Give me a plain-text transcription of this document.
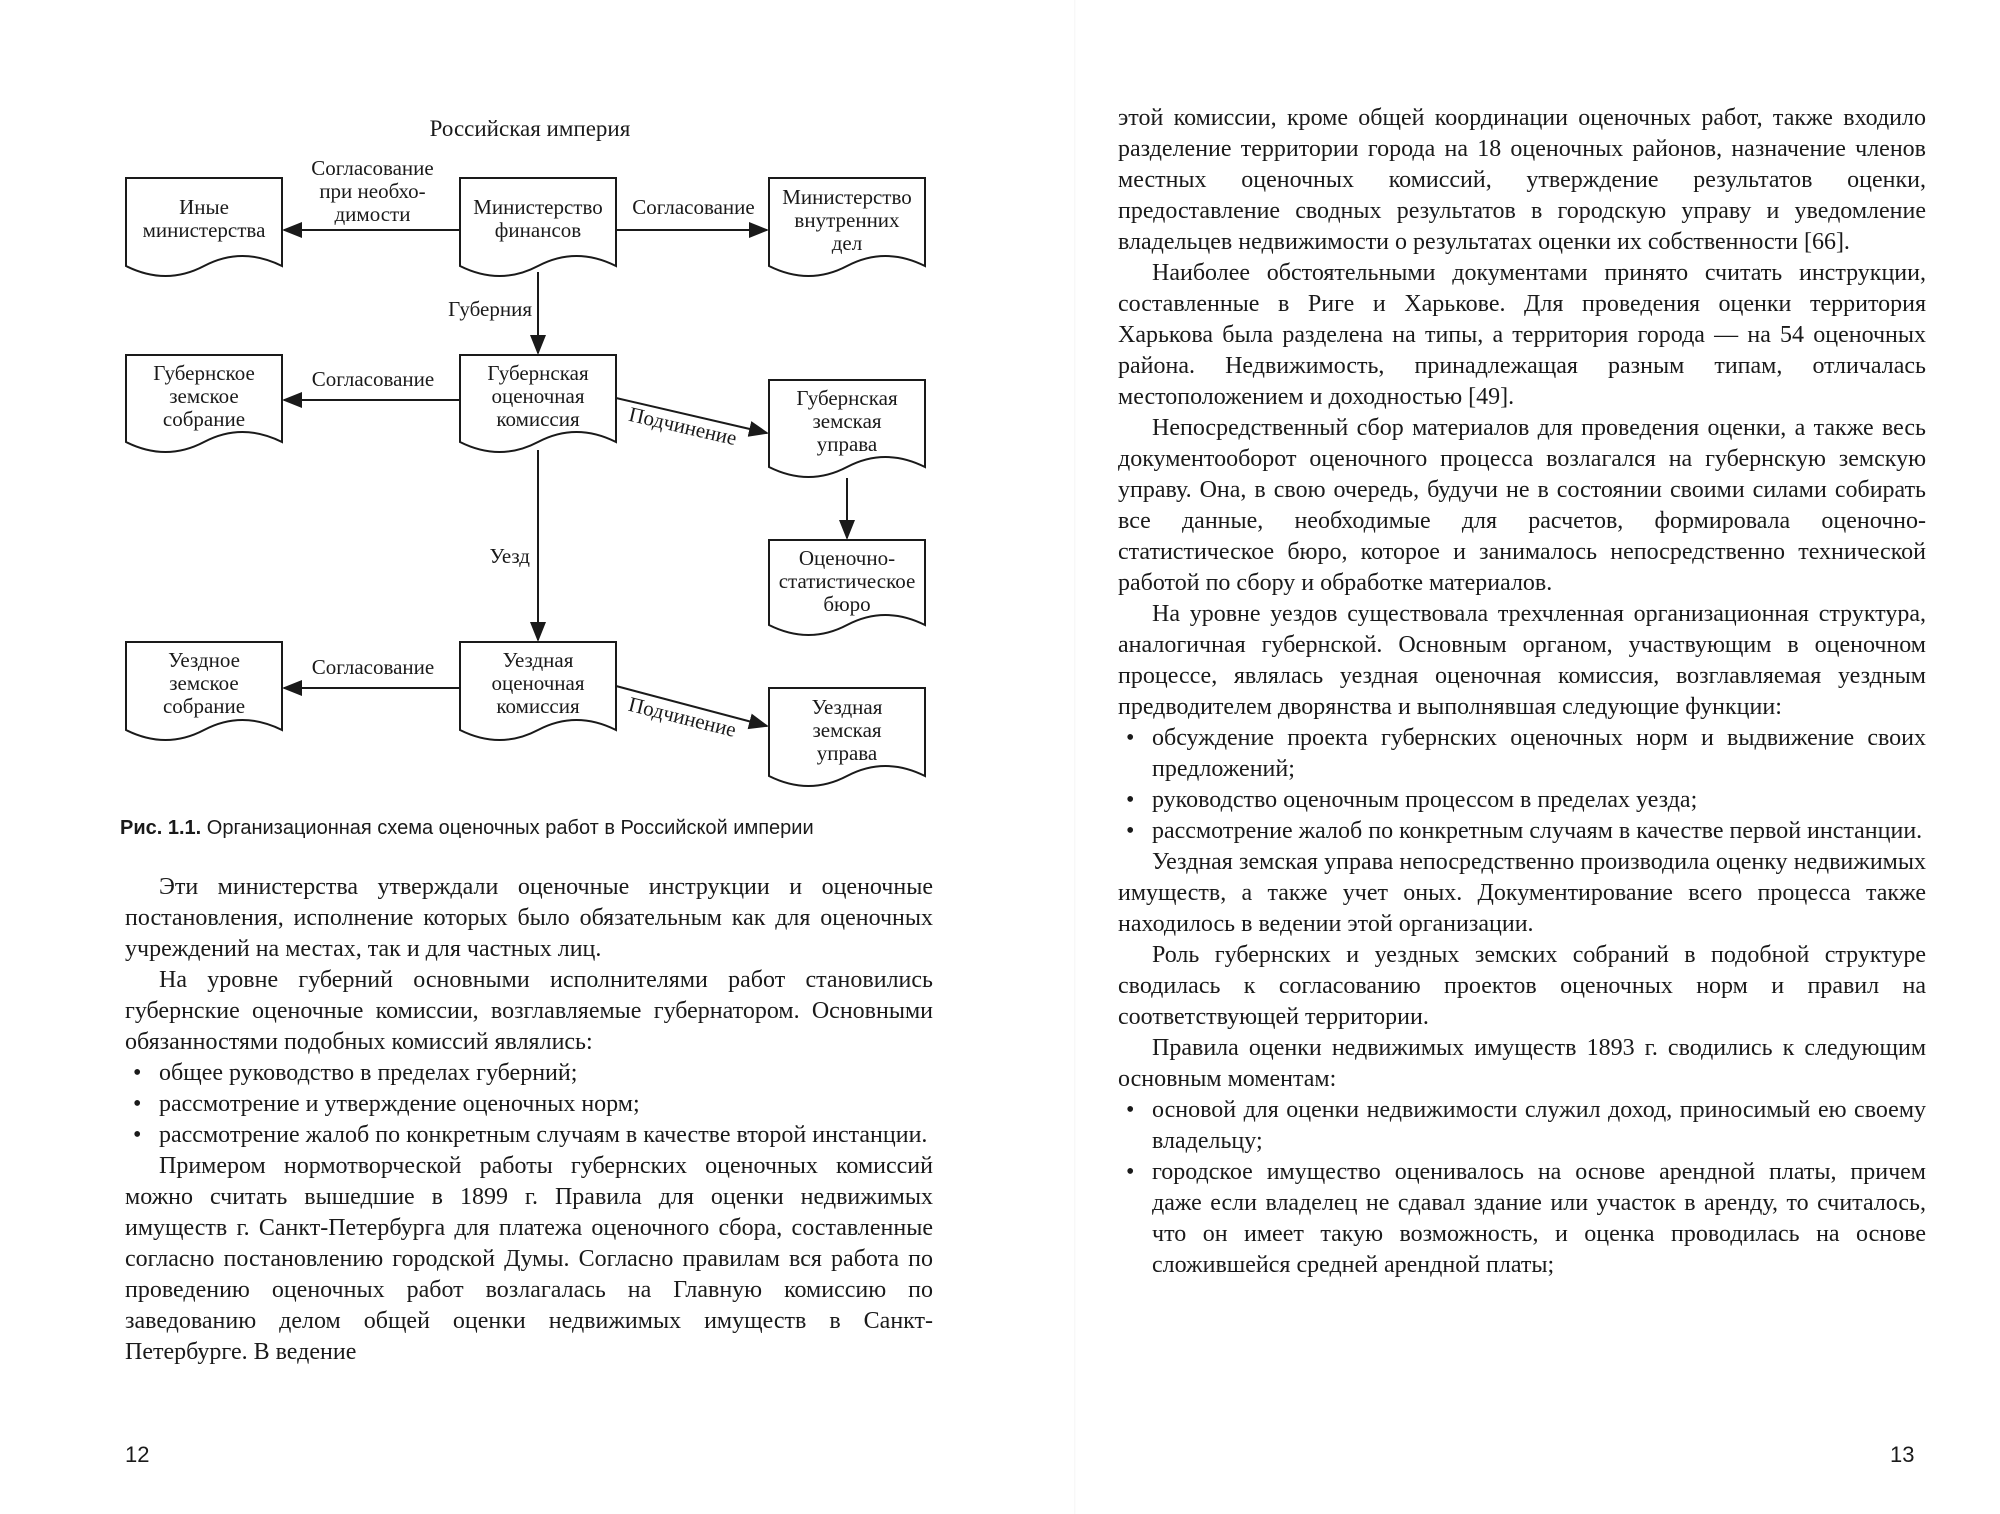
Российская империя
Иные
министерства
Министерство
финансов
Министерство
внутренних
дел
Губернское
земское
собрание
Губернская
оценочная
комиссия
Губернская
земская
управа
Оценочно-
статистическое
бюро
Уездное
земское
собрание
Уездная
оценочная
комиссия	Уездная
земская
управа
Согласование
при необхо-
димости	Согласование
Губерния
Согласование
Подчинение
Уезд
Согласование
Подчинение
Рис. 1.1. Организационная схема оценочных работ в Российской империи

Эти министерства утверждали оценочные инструкции и оценочные постановления, исполнение которых было обязательным как для оценочных учреждений на местах, так и для частных лиц.

На уровне губерний основными исполнителями работ становились губернские оценочные комиссии, возглавляемые губернатором. Основными обязанностями подобных комиссий являлись:

• общее руководство в пределах губерний;
• рассмотрение и утверждение оценочных норм;
• рассмотрение жалоб по конкретным случаям в качестве второй инстанции.

Примером нормотворческой работы губернских оценочных комиссий можно считать вышедшие в 1899 г. Правила для оценки недвижимых имуществ г. Санкт-Петербурга для платежа оценочного сбора, составленные согласно постановлению городской Думы. Согласно правилам вся работа по проведению оценочных работ возлагалась на Главную комиссию по заведованию делом общей оценки недвижимых имуществ в Санкт-Петербурге. В ведение

12

этой комиссии, кроме общей координации оценочных работ, также входило разделение территории города на 18 оценочных районов, назначение членов местных оценочных комиссий, утверждение результатов оценки, предоставление сводных результатов в городскую управу и уведомление владельцев недвижимости о результатах оценки их собственности [66].

Наиболее обстоятельными документами принято считать инструкции, составленные в Риге и Харькове. Для проведения оценки территория Харькова была разделена на типы, а территория города — на 54 оценочных района. Недвижимость, принадлежащая разным типам, отличалась местоположением и доходностью [49].

Непосредственный сбор материалов для проведения оценки, а также весь документооборот оценочного процесса возлагался на губернскую земскую управу. Она, в свою очередь, будучи не в состоянии своими силами собирать все данные, необходимые для расчетов, формировала оценочно-статистическое бюро, которое и занималось непосредственно технической работой по сбору и обработке материалов.

На уровне уездов существовала трехчленная организационная структура, аналогичная губернской. Основным органом, участвующим в оценочном процессе, являлась уездная оценочная комиссия, возглавляемая уездным предводителем дворянства и выполнявшая следующие функции:

• обсуждение проекта губернских оценочных норм и выдвижение своих предложений;
• руководство оценочным процессом в пределах уезда;
• рассмотрение жалоб по конкретным случаям в качестве первой инстанции.

Уездная земская управа непосредственно производила оценку недвижимых имуществ, а также учет оных. Документирование всего процесса также находилось в ведении этой организации.

Роль губернских и уездных земских собраний в подобной структуре сводилась к согласованию проектов оценочных норм и правил на соответствующей территории.

Правила оценки недвижимых имуществ 1893 г. сводились к следующим основным моментам:

• основой для оценки недвижимости служил доход, приносимый ею своему владельцу;
• городское имущество оценивалось на основе арендной платы, причем даже если владелец не сдавал здание или участок в аренду, то считалось, что он имеет такую возможность, и оценка проводилась на основе сложившейся средней арендной платы;
13
